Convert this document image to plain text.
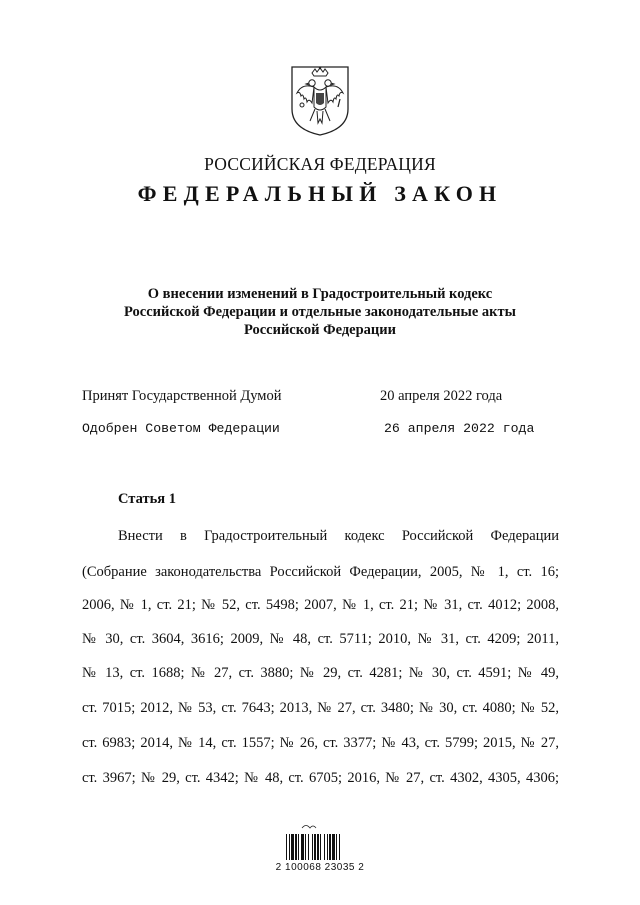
РОССИЙСКАЯ ФЕДЕРАЦИЯ
ФЕДЕРАЛЬНЫЙ ЗАКОН
О внесении изменений в Градостроительный кодекс
Российской Федерации и отдельные законодательные акты
Российской Федерации
Принят Государственной Думой	20 апреля 2022 года
Одобрен Советом Федерации	26 апреля 2022 года
Статья 1
Внести в Градостроительный кодекс Российской Федерации
(Собрание законодательства Российской Федерации, 2005, № 1, ст. 16;
2006, № 1, ст. 21; № 52, ст. 5498; 2007, № 1, ст. 21; № 31, ст. 4012; 2008,
№ 30, ст. 3604, 3616; 2009, № 48, ст. 5711; 2010, № 31, ст. 4209; 2011,
№ 13, ст. 1688; № 27, ст. 3880; № 29, ст. 4281; № 30, ст. 4591; № 49,
ст. 7015; 2012, № 53, ст. 7643; 2013, № 27, ст. 3480; № 30, ст. 4080; № 52,
ст. 6983; 2014, № 14, ст. 1557; № 26, ст. 3377; № 43, ст. 5799; 2015, № 27,
ст. 3967; № 29, ст. 4342; № 48, ст. 6705; 2016, № 27, ст. 4302, 4305, 4306;
2 100068 23035 2
